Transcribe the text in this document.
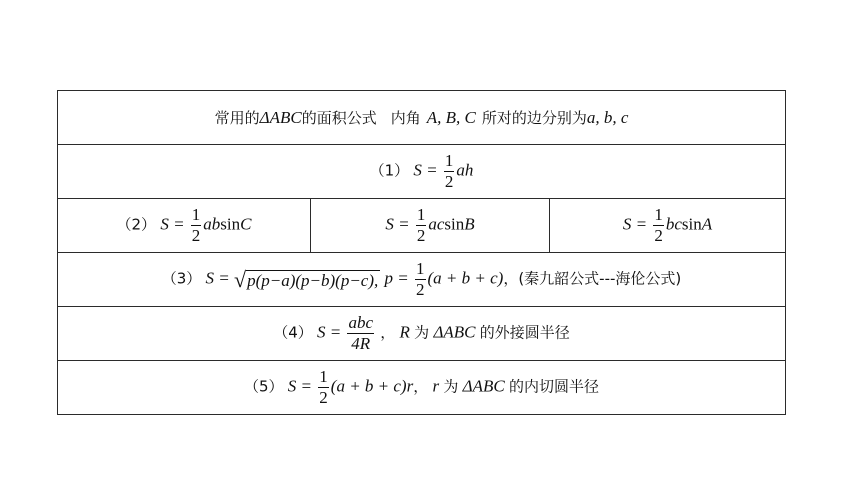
常用的ΔABC的面积公式 内角 A, B, C 所对的边分别为a, b, c
（1） $S = \frac{1}{2}$ ah
（2） $S = \frac{1}{2}$ absinC	$S = \frac{1}{2}$ acsinB	$S = \frac{1}{2}$ bcsinA
（3） S = √p(p−a)(p−b)(p−c), $p = \frac{1}{2} (a + b + c)$，(秦九韶公式---海伦公式)
（4） $S = \frac{\text{abc}}{4R}$ ， R 为 ΔABC 的外接圆半径
（5） $S = \frac{1}{2} (a + b + c)r$， r 为 ΔABC 的内切圆半径
